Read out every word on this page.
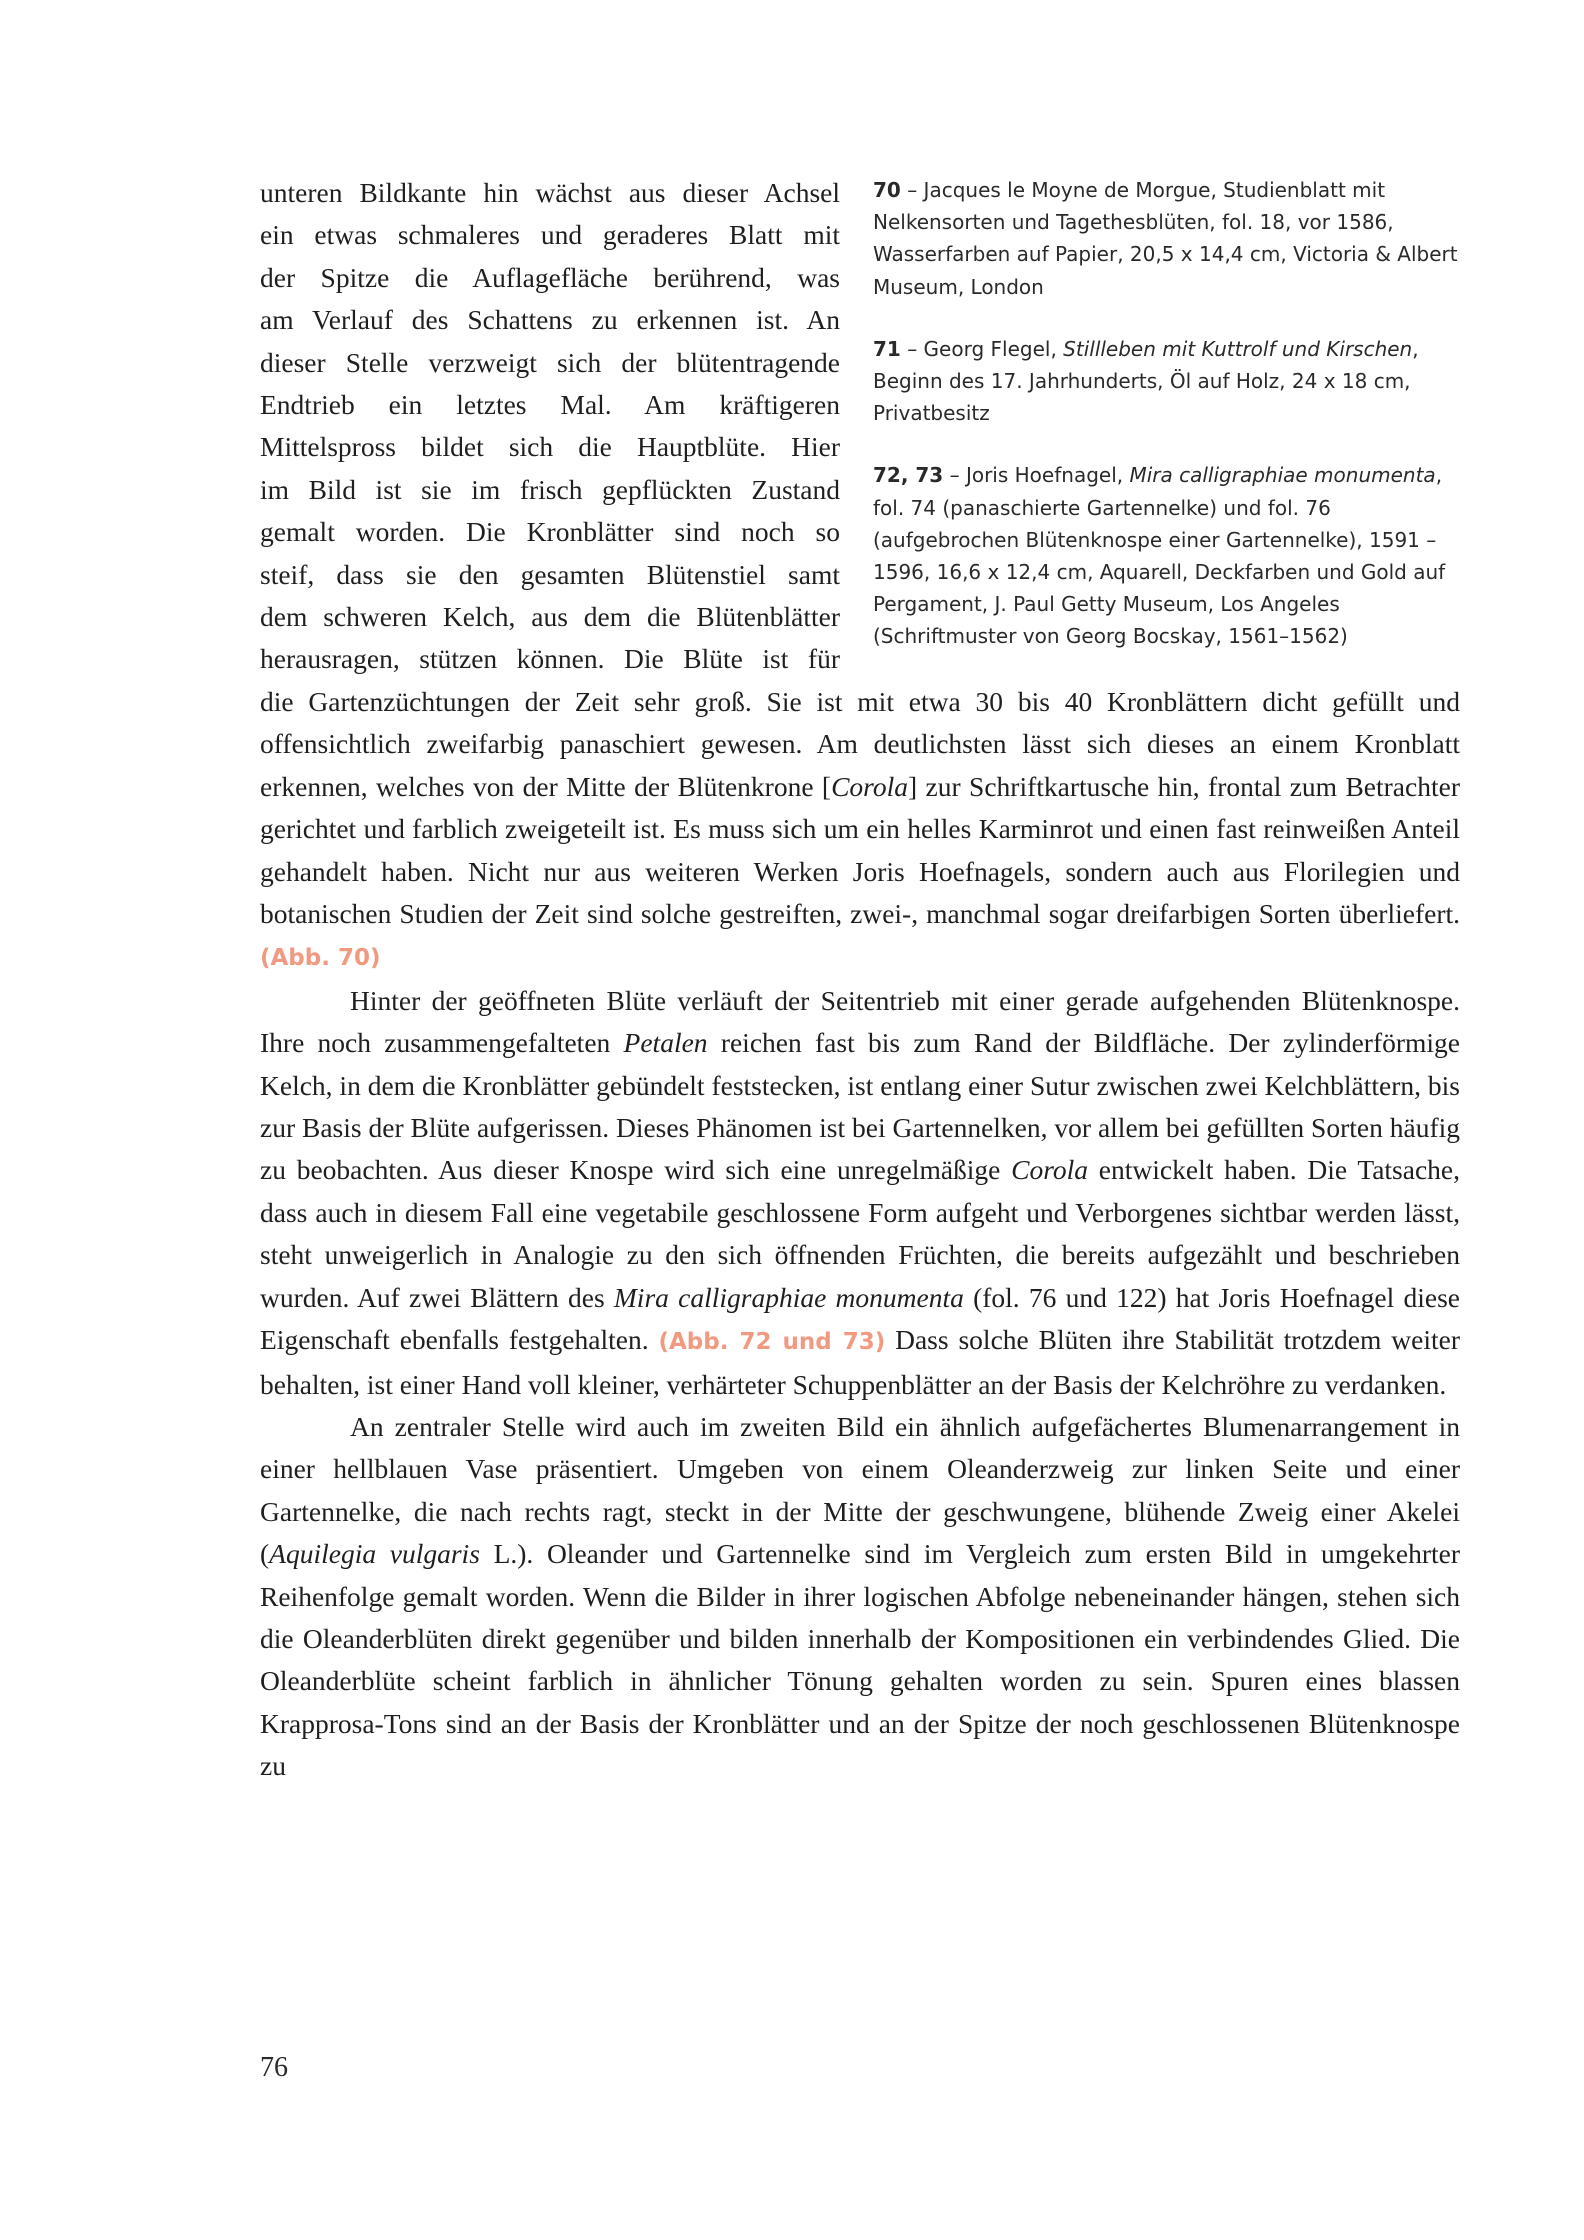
unteren Bildkante hin wächst aus dieser Achsel
ein etwas schmaleres und geraderes Blatt mit
der Spitze die Auflagefläche berührend, was
am Verlauf des Schattens zu erkennen ist. An
dieser Stelle verzweigt sich der blütentragende
Endtrieb ein letztes Mal. Am kräftigeren
Mittelspross bildet sich die Hauptblüte. Hier
im Bild ist sie im frisch gepflückten Zustand
gemalt worden. Die Kronblätter sind noch so
steif, dass sie den gesamten Blütenstiel samt
dem schweren Kelch, aus dem die Blütenblätter
herausragen, stützen können. Die Blüte ist für

70 – Jacques le Moyne de Morgue, Studienblatt mit Nelkensorten und Tagethesblüten, fol. 18, vor 1586, Wasserfarben auf Papier, 20,5 x 14,4 cm, Victoria & Albert Museum, London

71 – Georg Flegel, Stillleben mit Kuttrolf und Kirschen, Beginn des 17. Jahrhunderts, Öl auf Holz, 24 x 18 cm, Privatbesitz

72, 73 – Joris Hoefnagel, Mira calligraphiae monumenta, fol. 74 (panaschierte Gartennelke) und fol. 76 (aufgebrochen Blütenknospe einer Gartennelke), 1591 – 1596, 16,6 x 12,4 cm, Aquarell, Deckfarben und Gold auf Pergament, J. Paul Getty Museum, Los Angeles (Schriftmuster von Georg Bocskay, 1561–1562)

die Gartenzüchtungen der Zeit sehr groß. Sie ist mit etwa 30 bis 40 Kronblättern dicht gefüllt und offensichtlich zweifarbig panaschiert gewesen. Am deutlichsten lässt sich dieses an einem Kronblatt erkennen, welches von der Mitte der Blütenkrone [Corola] zur Schriftkartusche hin, frontal zum Betrachter gerichtet und farblich zweigeteilt ist. Es muss sich um ein helles Karminrot und einen fast reinweißen Anteil gehandelt haben. Nicht nur aus weiteren Werken Joris Hoefnagels, sondern auch aus Florilegien und botanischen Studien der Zeit sind solche gestreiften, zwei-, manchmal sogar dreifarbigen Sorten überliefert. (Abb. 70)

Hinter der geöffneten Blüte verläuft der Seitentrieb mit einer gerade aufgehenden Blütenknospe. Ihre noch zusammengefalteten Petalen reichen fast bis zum Rand der Bildfläche. Der zylinderförmige Kelch, in dem die Kronblätter gebündelt feststecken, ist entlang einer Sutur zwischen zwei Kelchblättern, bis zur Basis der Blüte aufgerissen. Dieses Phänomen ist bei Gartennelken, vor allem bei gefüllten Sorten häufig zu beobachten. Aus dieser Knospe wird sich eine unregelmäßige Corola entwickelt haben. Die Tatsache, dass auch in diesem Fall eine vegetabile geschlossene Form aufgeht und Verborgenes sichtbar werden lässt, steht unweigerlich in Analogie zu den sich öffnenden Früchten, die bereits aufgezählt und beschrieben wurden. Auf zwei Blättern des Mira calligraphiae monumenta (fol. 76 und 122) hat Joris Hoefnagel diese Eigenschaft ebenfalls festgehalten. (Abb. 72 und 73) Dass solche Blüten ihre Stabilität trotzdem weiter behalten, ist einer Hand voll kleiner, verhärteter Schuppenblätter an der Basis der Kelchröhre zu verdanken.

An zentraler Stelle wird auch im zweiten Bild ein ähnlich aufgefächertes Blumenarrangement in einer hellblauen Vase präsentiert. Umgeben von einem Oleanderzweig zur linken Seite und einer Gartennelke, die nach rechts ragt, steckt in der Mitte der geschwungene, blühende Zweig einer Akelei (Aquilegia vulgaris L.). Oleander und Gartennelke sind im Vergleich zum ersten Bild in umgekehrter Reihenfolge gemalt worden. Wenn die Bilder in ihrer logischen Abfolge nebeneinander hängen, stehen sich die Oleanderblüten direkt gegenüber und bilden innerhalb der Kompositionen ein verbindendes Glied. Die Oleanderblüte scheint farblich in ähnlicher Tönung gehalten worden zu sein. Spuren eines blassen Krapprosa-Tons sind an der Basis der Kronblätter und an der Spitze der noch geschlossenen Blütenknospe zu

76
